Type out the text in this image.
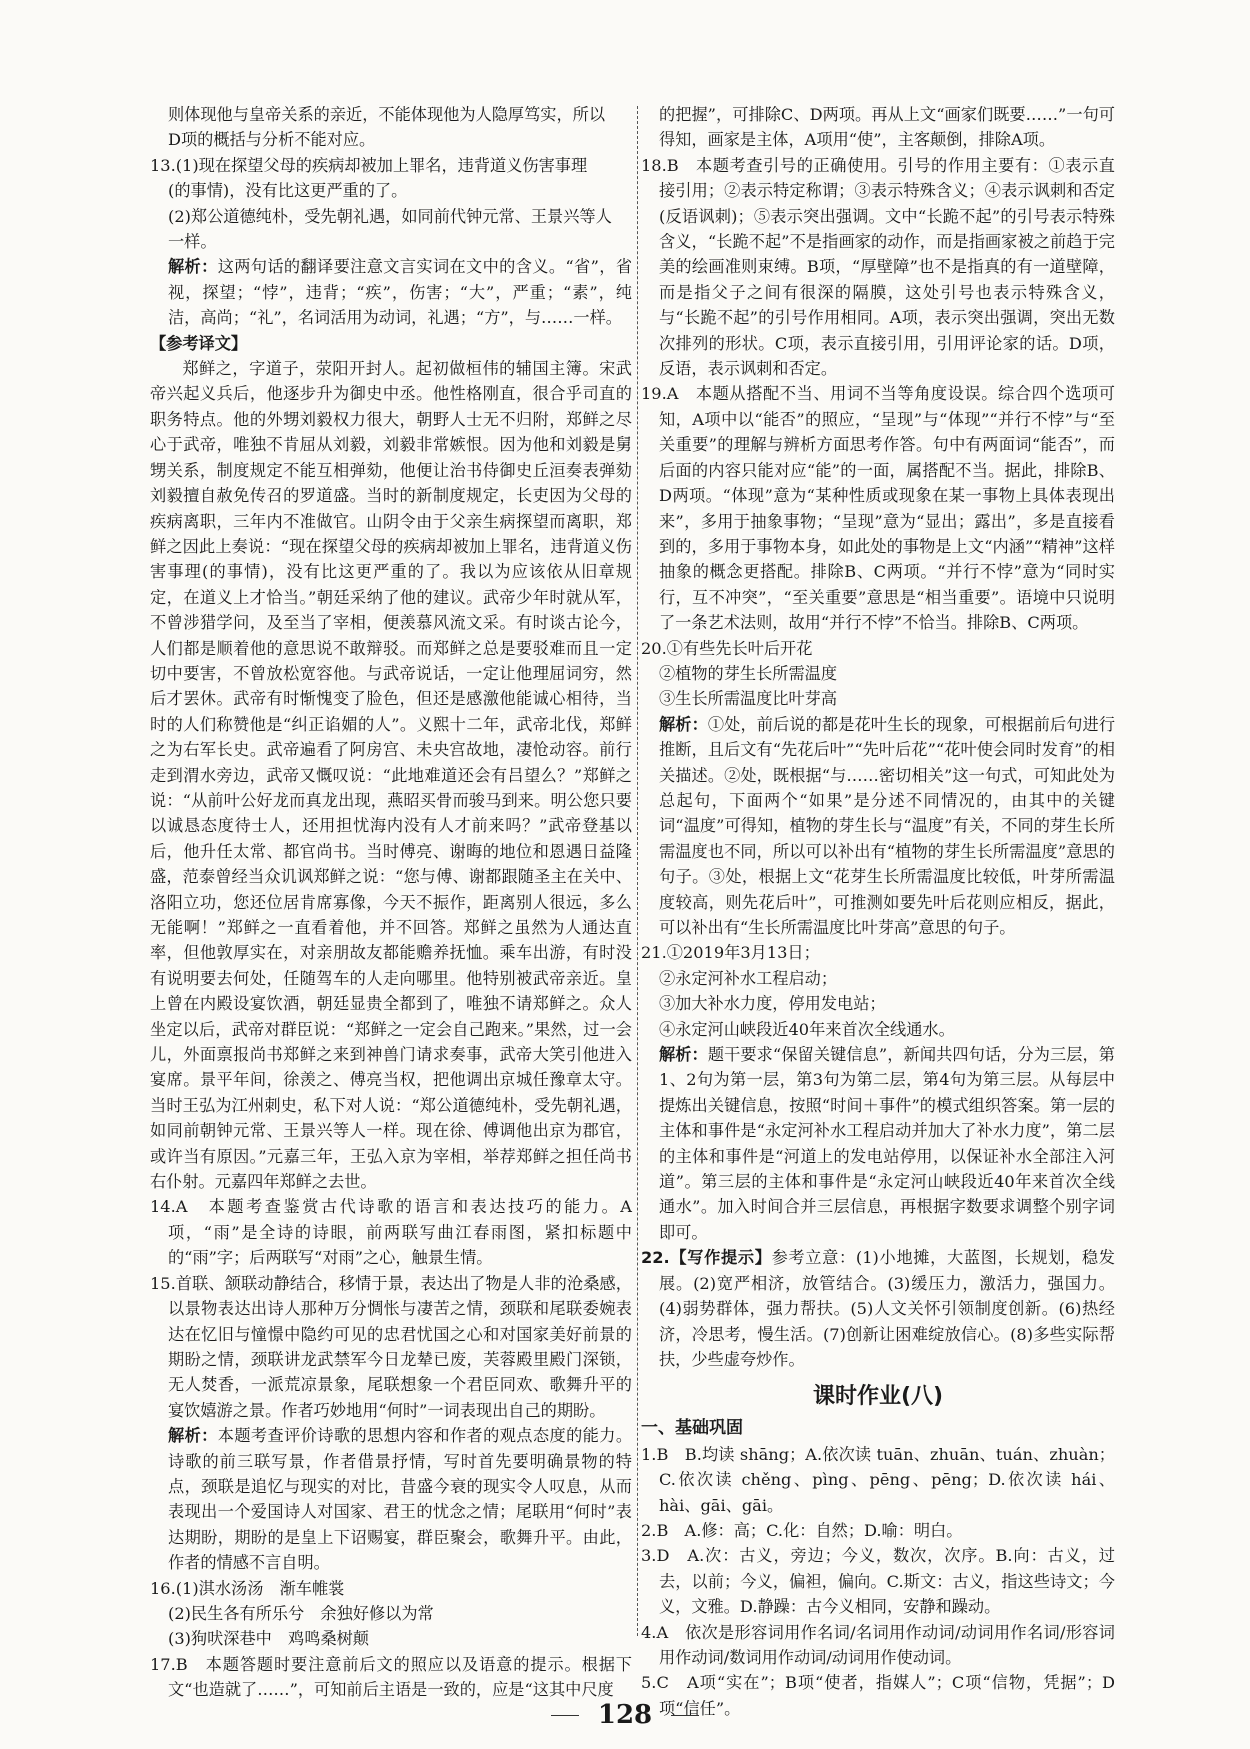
则体现他与皇帝关系的亲近，不能体现他为人隐厚笃实，所以

D项的概括与分析不能对应。

13.(1)现在探望父母的疾病却被加上罪名，违背道义伤害事理

(的事情)，没有比这更严重的了。

(2)郑公道德纯朴，受先朝礼遇，如同前代钟元常、王景兴等人

一样。

解析：这两句话的翻译要注意文言实词在文中的含义。“省”，省视，探望；“悖”，违背；“疾”，伤害；“大”，严重；“素”，纯洁，高尚；“礼”，名词活用为动词，礼遇；“方”，与……一样。

【参考译文】

郑鲜之，字道子，荥阳开封人。起初做桓伟的辅国主簿。宋武帝兴起义兵后，他逐步升为御史中丞。他性格刚直，很合乎司直的职务特点。他的外甥刘毅权力很大，朝野人士无不归附，郑鲜之尽心于武帝，唯独不肯屈从刘毅，刘毅非常嫉恨。因为他和刘毅是舅甥关系，制度规定不能互相弹劾，他便让治书侍御史丘洹奏表弹劾刘毅擅自赦免传召的罗道盛。当时的新制度规定，长吏因为父母的疾病离职，三年内不准做官。山阴令由于父亲生病探望而离职，郑鲜之因此上奏说：“现在探望父母的疾病却被加上罪名，违背道义伤害事理(的事情)，没有比这更严重的了。我以为应该依从旧章规定，在道义上才恰当。”朝廷采纳了他的建议。武帝少年时就从军，不曾涉猎学问，及至当了宰相，便羡慕风流文采。有时谈古论今，人们都是顺着他的意思说不敢辩驳。而郑鲜之总是要驳难而且一定切中要害，不曾放松宽容他。与武帝说话，一定让他理屈词穷，然后才罢休。武帝有时惭愧变了脸色，但还是感激他能诚心相待，当时的人们称赞他是“纠正谄媚的人”。义熙十二年，武帝北伐，郑鲜之为右军长史。武帝遍看了阿房宫、未央宫故地，凄怆动容。前行走到渭水旁边，武帝又慨叹说：“此地难道还会有吕望么？”郑鲜之说：“从前叶公好龙而真龙出现，燕昭买骨而骏马到来。明公您只要以诚恳态度待士人，还用担忧海内没有人才前来吗？”武帝登基以后，他升任太常、都官尚书。当时傅亮、谢晦的地位和恩遇日益隆盛，范泰曾经当众讥讽郑鲜之说：“您与傅、谢都跟随圣主在关中、洛阳立功，您还位居肯席寡像，今天不振作，距离别人很远，多么无能啊！”郑鲜之一直看着他，并不回答。郑鲜之虽然为人通达直率，但他敦厚实在，对亲朋故友都能赡养抚恤。乘车出游，有时没有说明要去何处，任随驾车的人走向哪里。他特别被武帝亲近。皇上曾在内殿设宴饮酒，朝廷显贵全都到了，唯独不请郑鲜之。众人坐定以后，武帝对群臣说：“郑鲜之一定会自己跑来。”果然，过一会儿，外面禀报尚书郑鲜之来到神兽门请求奏事，武帝大笑引他进入宴席。景平年间，徐羡之、傅亮当权，把他调出京城任豫章太守。当时王弘为江州刺史，私下对人说：“郑公道德纯朴，受先朝礼遇，如同前朝钟元常、王景兴等人一样。现在徐、傅调他出京为郡官，或许当有原因。”元嘉三年，王弘入京为宰相，举荐郑鲜之担任尚书右仆射。元嘉四年郑鲜之去世。

14.A　本题考查鉴赏古代诗歌的语言和表达技巧的能力。A项，“雨”是全诗的诗眼，前两联写曲江春雨图，紧扣标题中的“雨”字；后两联写“对雨”之心，触景生情。

15.首联、颔联动静结合，移情于景，表达出了物是人非的沧桑感，以景物表达出诗人那种万分惆怅与凄苦之情，颈联和尾联委婉表达在忆旧与憧憬中隐约可见的忠君忧国之心和对国家美好前景的期盼之情，颈联讲龙武禁军今日龙辇已废，芙蓉殿里殿门深锁，无人焚香，一派荒凉景象，尾联想象一个君臣同欢、歌舞升平的宴饮嬉游之景。作者巧妙地用“何时”一词表现出自己的期盼。

解析：本题考查评价诗歌的思想内容和作者的观点态度的能力。诗歌的前三联写景，作者借景抒情，写时首先要明确景物的特点，颈联是追忆与现实的对比，昔盛今衰的现实令人叹息，从而表现出一个爱国诗人对国家、君王的忧念之情；尾联用“何时”表达期盼，期盼的是皇上下诏赐宴，群臣聚会，歌舞升平。由此，作者的情感不言自明。

16.(1)淇水汤汤　渐车帷裳

(2)民生各有所乐兮　余独好修以为常

(3)狗吠深巷中　鸡鸣桑树颠

17.B　本题答题时要注意前后文的照应以及语意的提示。根据下文“也造就了……”，可知前后主语是一致的，应是“这其中尺度

的把握”，可排除C、D两项。再从上文“画家们既要……”一句可得知，画家是主体，A项用“使”，主客颠倒，排除A项。

18.B　本题考查引号的正确使用。引号的作用主要有：①表示直接引用；②表示特定称谓；③表示特殊含义；④表示讽刺和否定(反语讽刺)；⑤表示突出强调。文中“长跪不起”的引号表示特殊含义，“长跪不起”不是指画家的动作，而是指画家被之前趋于完美的绘画准则束缚。B项，“厚壁障”也不是指真的有一道壁障，而是指父子之间有很深的隔膜，这处引号也表示特殊含义，与“长跪不起”的引号作用相同。A项，表示突出强调，突出无数次排列的形状。C项，表示直接引用，引用评论家的话。D项，反语，表示讽刺和否定。

19.A　本题从搭配不当、用词不当等角度设误。综合四个选项可知，A项中以“能否”的照应，“呈现”与“体现”“并行不悖”与“至关重要”的理解与辨析方面思考作答。句中有两面词“能否”，而后面的内容只能对应“能”的一面，属搭配不当。据此，排除B、D两项。“体现”意为“某种性质或现象在某一事物上具体表现出来”，多用于抽象事物；“呈现”意为“显出；露出”，多是直接看到的，多用于事物本身，如此处的事物是上文“内涵”“精神”这样抽象的概念更搭配。排除B、C两项。“并行不悖”意为“同时实行，互不冲突”，“至关重要”意思是“相当重要”。语境中只说明了一条艺术法则，故用“并行不悖”不恰当。排除B、C两项。

20.①有些先长叶后开花

②植物的芽生长所需温度

③生长所需温度比叶芽高

解析：①处，前后说的都是花叶生长的现象，可根据前后句进行推断，且后文有“先花后叶”“先叶后花”“花叶使会同时发育”的相关描述。②处，既根据“与……密切相关”这一句式，可知此处为总起句，下面两个“如果”是分述不同情况的，由其中的关键词“温度”可得知，植物的芽生长与“温度”有关，不同的芽生长所需温度也不同，所以可以补出有“植物的芽生长所需温度”意思的句子。③处，根据上文“花芽生长所需温度比较低，叶芽所需温度较高，则先花后叶”，可推测如要先叶后花则应相反，据此，可以补出有“生长所需温度比叶芽高”意思的句子。

21.①2019年3月13日；

②永定河补水工程启动；

③加大补水力度，停用发电站；

④永定河山峡段近40年来首次全线通水。

解析：题干要求“保留关键信息”，新闻共四句话，分为三层，第1、2句为第一层，第3句为第二层，第4句为第三层。从每层中提炼出关键信息，按照“时间＋事件”的模式组织答案。第一层的主体和事件是“永定河补水工程启动并加大了补水力度”，第二层的主体和事件是“河道上的发电站停用，以保证补水全部注入河道”。第三层的主体和事件是“永定河山峡段近40年来首次全线通水”。加入时间合并三层信息，再根据字数要求调整个别字词即可。

22.【写作提示】参考立意：(1)小地摊，大蓝图，长规划，稳发展。(2)宽严相济，放管结合。(3)缓压力，激活力，强国力。(4)弱势群体，强力帮扶。(5)人文关怀引领制度创新。(6)热经济，冷思考，慢生活。(7)创新让困难绽放信心。(8)多些实际帮扶，少些虚夸炒作。

课时作业(八)
一、基础巩固

1.B　B.均读 shāng；A.依次读 tuān、zhuān、tuán、zhuàn；C.依次读 chěng、pìng、pēng、pēng；D.依次读 hái、hài、gāi、gāi。

2.B　A.修：高；C.化：自然；D.喻：明白。

3.D　A.次：古义，旁边；今义，数次，次序。B.向：古义，过去，以前；今义，偏袒，偏向。C.斯文：古义，指这些诗文；今义，文雅。D.静躁：古今义相同，安静和躁动。

4.A　依次是形容词用作名词/名词用作动词/动词用作名词/形容词用作动词/数词用作动词/动词用作使动词。

5.C　A项“实在”；B项“使者，指媒人”；C项“信物，凭据”；D项“信任”。

128
